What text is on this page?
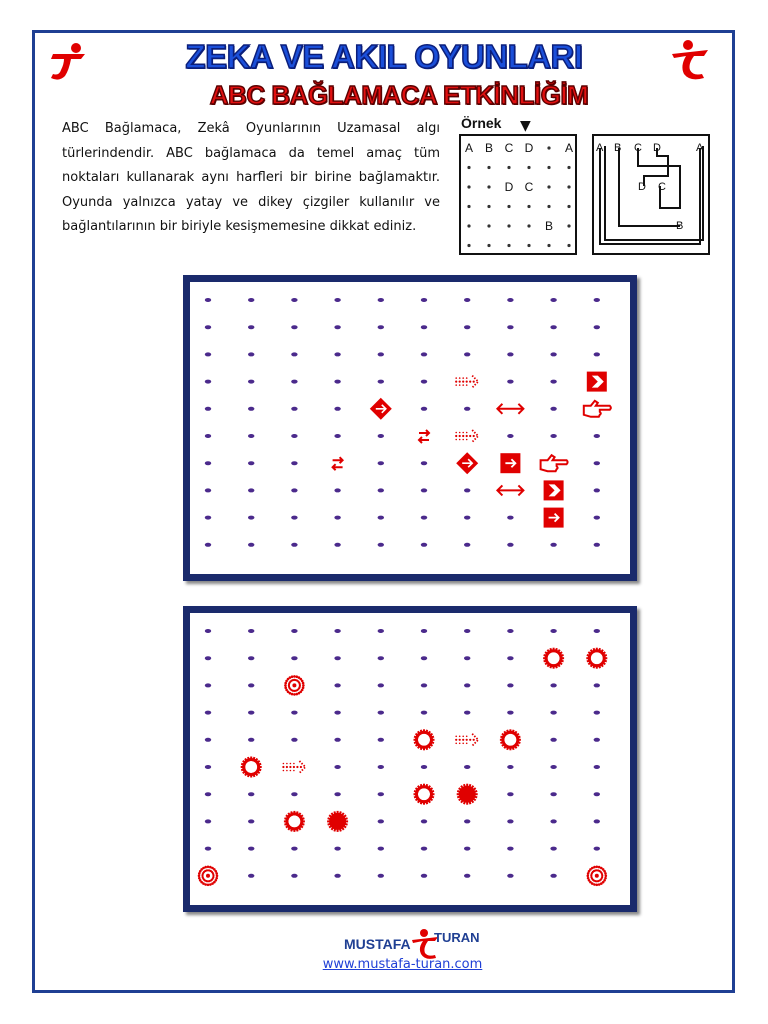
ZEKA VE AKIL OYUNLARI
ABC BAĞLAMACA ETKİNLİĞİM

ABC Bağlamaca, Zekâ Oyunlarının Uzamasal algı türlerindendir. ABC bağlamaca da temel amaç tüm noktaları kullanarak aynı harfleri bir birine bağlamaktır. Oyunda yalnızca yatay ve dikey çizgiler kullanılır ve bağlantılarının bir biriyle kesişmemesine dikkat ediniz.

Örnek ▼
A B C D	A
D C
B
A B C D	A
D C
B
MUSTAFA TURAN
www.mustafa-turan.com
